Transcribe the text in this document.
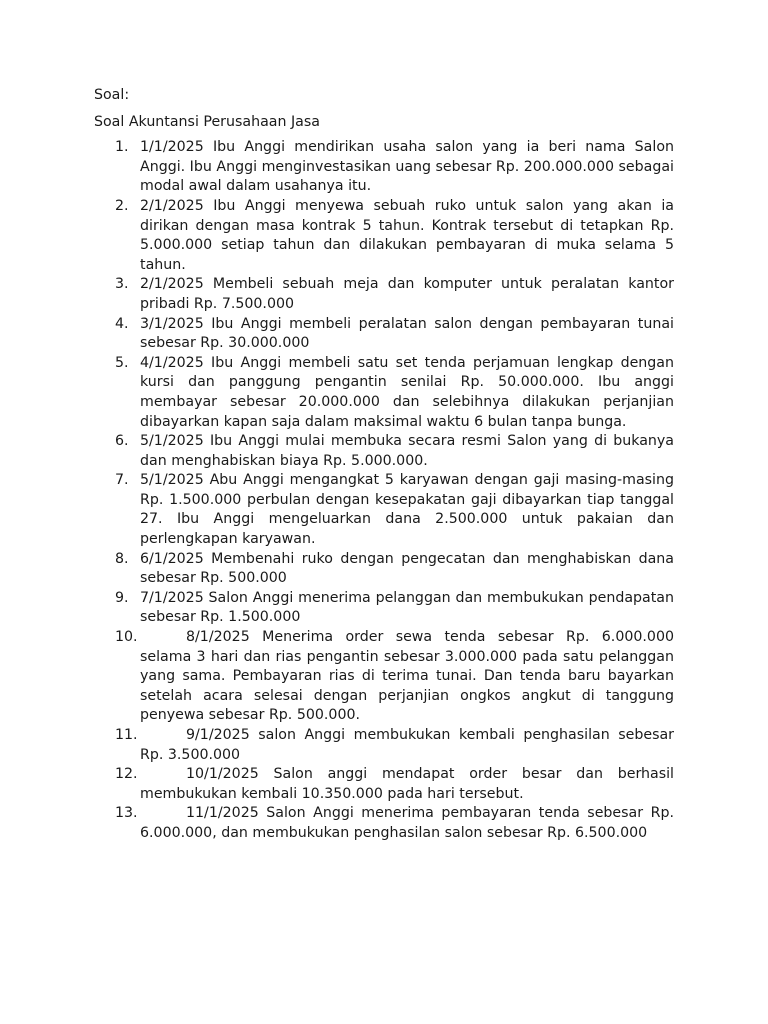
Soal:

Soal Akuntansi Perusahaan Jasa

1. 1/1/2025 Ibu Anggi mendirikan usaha salon yang ia beri nama Salon Anggi. Ibu Anggi menginvestasikan uang sebesar Rp. 200.000.000 sebagai modal awal dalam usahanya itu.
2. 2/1/2025 Ibu Anggi menyewa sebuah ruko untuk salon yang akan ia dirikan dengan masa kontrak 5 tahun. Kontrak tersebut di tetapkan Rp. 5.000.000 setiap tahun dan dilakukan pembayaran di muka selama 5 tahun.
3. 2/1/2025 Membeli sebuah meja dan komputer untuk peralatan kantor pribadi Rp. 7.500.000
4. 3/1/2025 Ibu Anggi membeli peralatan salon dengan pembayaran tunai sebesar Rp. 30.000.000
5. 4/1/2025 Ibu Anggi membeli satu set tenda perjamuan lengkap dengan kursi dan panggung pengantin senilai Rp. 50.000.000. Ibu anggi membayar sebesar 20.000.000 dan selebihnya dilakukan perjanjian dibayarkan kapan saja dalam maksimal waktu 6 bulan tanpa bunga.
6. 5/1/2025 Ibu Anggi mulai membuka secara resmi Salon yang di bukanya dan menghabiskan biaya Rp. 5.000.000.
7. 5/1/2025 Abu Anggi mengangkat 5 karyawan dengan gaji masing-masing Rp. 1.500.000 perbulan dengan kesepakatan gaji dibayarkan tiap tanggal 27. Ibu Anggi mengeluarkan dana 2.500.000 untuk pakaian dan perlengkapan karyawan.
8. 6/1/2025 Membenahi ruko dengan pengecatan dan menghabiskan dana sebesar Rp. 500.000
9. 7/1/2025 Salon Anggi menerima pelanggan dan membukukan pendapatan sebesar Rp. 1.500.000
10.	8/1/2025 Menerima order sewa tenda sebesar Rp. 6.000.000 selama 3 hari dan rias pengantin sebesar 3.000.000 pada satu pelanggan yang sama. Pembayaran rias di terima tunai. Dan tenda baru bayarkan setelah acara selesai dengan perjanjian ongkos angkut di tanggung penyewa sebesar Rp. 500.000.
11.	9/1/2025 salon Anggi membukukan kembali penghasilan sebesar Rp. 3.500.000
12.	10/1/2025 Salon anggi mendapat order besar dan berhasil membukukan kembali 10.350.000 pada hari tersebut.
13.	11/1/2025 Salon Anggi menerima pembayaran tenda sebesar Rp. 6.000.000, dan membukukan penghasilan salon sebesar Rp. 6.500.000
